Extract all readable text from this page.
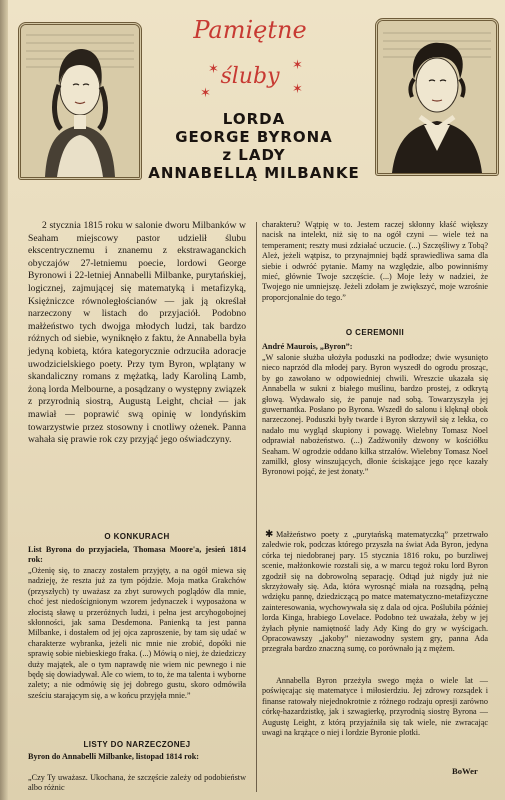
Pamiętne
śluby
✶
✶
✶
✶
LORDA
GEORGE BYRONA
z LADY
ANNABELLĄ MILBANKE

2 stycznia 1815 roku w salonie dworu Milbanków w Seaham miejscowy pastor udzielił ślubu ekscentrycznemu i znanemu z ekstrawaganckich obyczajów 27-letniemu poecie, lordowi George Byronowi i 22-letniej Annabelli Milbanke, purytańskiej, logicznej, zajmującej się matematyką i metafizyką, Księżniczce równoległościanów — jak ją określał narzeczony w listach do przyjaciół. Podobno małżeństwo tych dwojga młodych ludzi, tak bardzo różnych od siebie, wyniknęło z faktu, że Annabella była jedyną kobietą, która kategorycznie odrzuciła adoracje uwodzicielskiego poety. Przy tym Byron, wplątany w skandaliczny romans z mężatką, lady Karoliną Lamb, żoną lorda Melbourne, a posądzany o występny związek z przyrodnią siostrą, Augustą Leight, chciał — jak mawiał — poprawić swą opinię w londyńskim towarzystwie przez stosowny i cnotliwy ożenek. Panna wahała się prawie rok czy przyjąć jego oświadczyny.

O KONKURACH

List Byrona do przyjaciela, Thomasa Moore'a, jesień 1814 rok:

„Ożenię się, to znaczy zostałem przyjęty, a na ogół miewa się nadzieję, że reszta już za tym pójdzie. Moja matka Grakchów (przyszłych) ty uważasz za zbyt surowych poglądów dla mnie, choć jest niedoścignionym wzorem jedynaczek i wyposażona w złocistą sławę u przeróżnych ludzi, i pełna jest arcyhogobojnej skłonności, jak sama Desdemona. Panienką ta jest panna Milbanke, i dostałem od jej ojca zaproszenie, by tam się udać w charakterze wybranka, jeżeli nic mnie nie zrobić, dopóki nie sprawię sobie niebieskiego fraka. (...) Mówią o niej, że dziedziczy duży majątek, ale o tym naprawdę nie wiem nic pewnego i nie będę się dowiadywał. Ale co wiem, to to, że ma talenta i wyborne zalety; a nie odmówię się jej dobrego gustu, skoro odmówiła sześciu starającym się, a w końcu przyjęła mnie.”

LISTY DO NARZECZONEJ

Byron do Annabelli Milbanke, listopad 1814 rok:

„Czy Ty uważasz. Ukochana, że szczęście zależy od podobieństw albo różnic

charakteru? Wątpię w to. Jestem raczej skłonny kłaść większy nacisk na intelekt, niż się to na ogół czyni — wiele też na temperament; reszty musi zdziałać uczucie. (...) Szczęśliwy z Tobą? Ależ, jeżeli wątpisz, to przynajmniej bądź sprawiedliwa sama dla siebie i odwróć pytanie. Mamy na względzie, albo powinniśmy mieć, głównie Twoje szczęście. (...) Moje leży w nadziei, że Twojego nie umniejszę. Jeżeli zdołam je zwiększyć, moje wzrośnie proporcjonalnie do tego.”

O CEREMONII

André Maurois, „Byron”:

„W salonie służba ułożyła poduszki na podłodze; dwie wysunięto nieco naprzód dla młodej pary. Byron wyszedł do ogrodu prosząc, by go zawołano w odpowiedniej chwili. Wreszcie ukazała się Annabella w sukni z białego muślinu, bardzo prostej, z odkrytą głową. Wydawało się, że panuje nad sobą. Towarzyszyła jej guwernantka. Posłano po Byrona. Wszedł do salonu i klęknął obok narzeczonej. Poduszki były twarde i Byron skrzywił się z lekka, co nadało mu wygląd skupiony i powagę. Wielebny Tomasz Noel odprawiał nabożeństwo. (...) Zadźwoniły dzwony w kościółku Seaham. W ogrodzie oddano kilka strzałów. Wielebny Tomasz Noel zamilkł, głosy winszujących, dłonie ściskające jego ręce kazały Byronowi pojąć, że jest żonaty.”

✱ Małżeństwo poety z „purytańską matematyczką” przetrwało zaledwie rok, podczas którego przyszła na świat Ada Byron, jedyna córka tej niedobranej pary. 15 stycznia 1816 roku, po burzliwej scenie, małżonkowie rozstali się, a w marcu tegoż roku lord Byron zgodził się na dobrowolną separację. Odtąd już nigdy już nie skrzyżowały się. Ada, która wyrosnąć miała na rozsądną, pełną wdzięku pannę, dziedziczącą po matce matematyczno-metafizyczne zainteresowania, wychowywała się z dala od ojca. Poślubiła później lorda Kinga, hrabiego Lovelace. Podobno też uważała, żeby w jej żyłach płynie namiętność lady Ady King do gry w wyścigach. Opracowawszy „jakoby” niezawodny system gry, panna Ada przegrała bardzo znaczną sumę, co porównało ją z mężem.

Annabella Byron przeżyła swego męża o wiele lat — poświęcając się matematyce i miłosierdziu. Jej zdrowy rozsądek i finanse ratowały niejednokrotnie z różnego rodzaju opresji zarówno córkę-hazardzistkę, jak i szwagierkę, przyrodnią siostrę Byrona — Augustę Leight, z którą przyjaźniła się tak wiele, nie zwracając uwagi na krążące o niej i lordzie Byronie plotki.

BoWer
